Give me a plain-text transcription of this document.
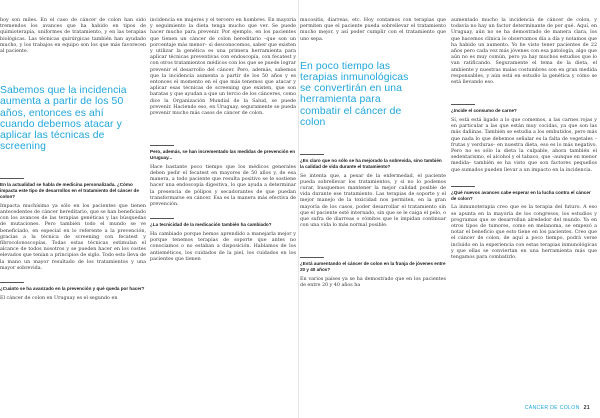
hoy son miles. En el caso de cáncer de colon han sido tremendos los avances que ha habido en tipos de quimioterapia, uniformes de tratamiento, y en las terapias biológicas. Las técnicas quirúrgicas también han ayudado mucho, y los trabajos en equipo son los que más favorecen al paciente.

Sabemos que la incidencia aumenta a partir de los 50 años, entonces es ahí cuando debemos atacar y aplicar las técnicas de screening
En la actualidad se habla de medicina personalizada. ¿Cómo impacta este tipo de desarrollos en el tratamiento del cáncer de colon?

Impacta muchísimo ya sólo en los pacientes que tienen antecedentes de cáncer hereditario, que se han beneficiado con los avances de las terapias genéticas y las búsquedas de mutaciones. Pero también todo el mundo se ve beneficiado, en especial en lo referente a la prevención, gracias a la técnica de screening con fecatest y fibrocolonoscopías. Todas estas técnicas estimulan el alcance de todos nosotros y se pueden hacer en los costes elevados que tenían a principios de siglo. Todo esto lleva de la mano un mayor resultado de los tratamientos y una mayor sobrevida.

¿Cuánto se ha avanzado en la prevención y qué queda por hacer?

El cáncer de colon en Uruguay es el segundo en

incidencia en mujeres y el tercero en hombres. En mayoría y seguimiento la dieta tenga mucho que ver. Se puede hacer mucho para prevenir. Por ejemplo, en los pacientes que tienen un cáncer de colon hereditario –que son un porcentaje más menor– si desconocemos, saber que existen y utilizar la genética es una primera herramienta para aplicar técnicas preventivas con endoscopía, con fecatest y con otros tratamientos médicos con los que se puede lograr prevenir el desarrollo del cáncer. Pero, además, sabemos que la incidencia aumenta a partir de los 50 años y es entonces el momento en el que más tenemos que atacar y aplicar esas técnicas de screening que existen, que son baratas y que ayudan a que un tercio de los cánceres, como dice la Organización Mundial de la Salud, se puede prevenir. Haciendo eso, en Uruguay, seguramente se pueda prevenir mucho más casos de cáncer de colon.

Pero, además, se han incrementado las medidas de prevención en Uruguay...

Hace bastante poco tiempo que los médicos generales deben pedir el fecatest en mayores de 50 años y, de esa manera, a todo paciente que resulta positivo se le sostiene hacer una endoscopía digestiva, lo que ayuda a determinar la presencia de pólipos y secadorantes de que puedan transformarse en cáncer. Esa es la manera más efectiva de prevención.

¿La tecnicidad de la medicación también ha cambiado?

Ha cambiado porque hemos aprendido a manejarla mejor y porque tenemos terapias de soporte que antes no conocíamos o no estaban a disposición. Hablamos de los antieméticos, los cuidados de la piel, los cuidados en los pacientes que tienen

mucositis, diarreas, etc. Hoy contamos con terapias que permiten que el paciente pueda sobrellevar el tratamiento mucho mejor, y así poder cumplir con el tratamiento que uno sepa.

En poco tiempo las terapias inmunológicas se convertirán en una herramienta para combatir el cáncer de colon
¿Es claro que no sólo se ha mejorado la sobrevida, sino también la calidad de vida durante el tratamiento?

Se intenta que, a pesar de la enfermedad, el paciente pueda sobrellevar los tratamientos, y si no lo podemos curar, busquemos mantener la mejor calidad posible de vida durante ese tratamiento. Las terapias de soporte y el mejor manejo de la toxicidad nos permiten, en la gran mayoría de los casos, poder desarrollar el tratamiento sin que el paciente esté internado, sin que se le caiga el pelo, o que sufra de diarreas o vómitos que le impidan continuar con una vida lo más normal posible.

¿Está aumentando el cáncer de colon en la franja de jóvenes entre 20 y 40 años?

En varios países ya se ha demostrado que en los pacientes de entre 20 y 40 años ha

aumentado mucho la incidencia de cáncer de colon, y todavía no hay un factor determinante de por qué. Aquí, en Uruguay, aún no se ha demostrado de manera clara, los que hacemos clínica lo observamos día a día y notamos que ha habido un aumento. Yo he visto tener pacientes de 22 años pero cada vez más jóvenes con esa patología, algo que aún no es muy común, pero ya hay muchos estudios que lo van ratificando. Seguramente el tema de la dieta, el ambiente y nuestras malas costumbres son en gran medida responsables, y aún está en estudio la genética y cómo se está llevando eso.

¿Incide el consumo de carne?

Sí, está está ligado a lo que comemos, a las carnes rojas y en particular a las que están muy cocidas, ya que son las más dañinas. También se estudia a los embutidos, pero más que nada lo que debemos señalar es la falta de vegetales –frutas y verduras– en nuestra dieta, eso es lo más negativo. Pero no es sólo la dieta la culpable, ahora también el sedentarismo, el alcohol y el tabaco, que –aunque en menor medida– también se ha visto que son factores pequeños que sumados pueden llevar a un impacto en la incidencia.

¿Qué nuevos avances cabe esperar en la lucha contra el cáncer de colon?

La inmunoterapia creo que es la terapia del futuro. A eso se apunta en la mayoría de los congresos, los estudios y programas que se desarrollan alrededor del mundo. Ya en otros tipos de tumores, como en melanoma, se empezó a notar el beneficio que esto tiene en los pacientes. Creo que el cáncer de colon, de aquí a poco tiempo, podrá verse incluido en la experiencia con estas terapias inmunológicas y que ellas se conviertan en una herramienta más que tengamos para combatirlo.

CÁNCER DE COLON 21
